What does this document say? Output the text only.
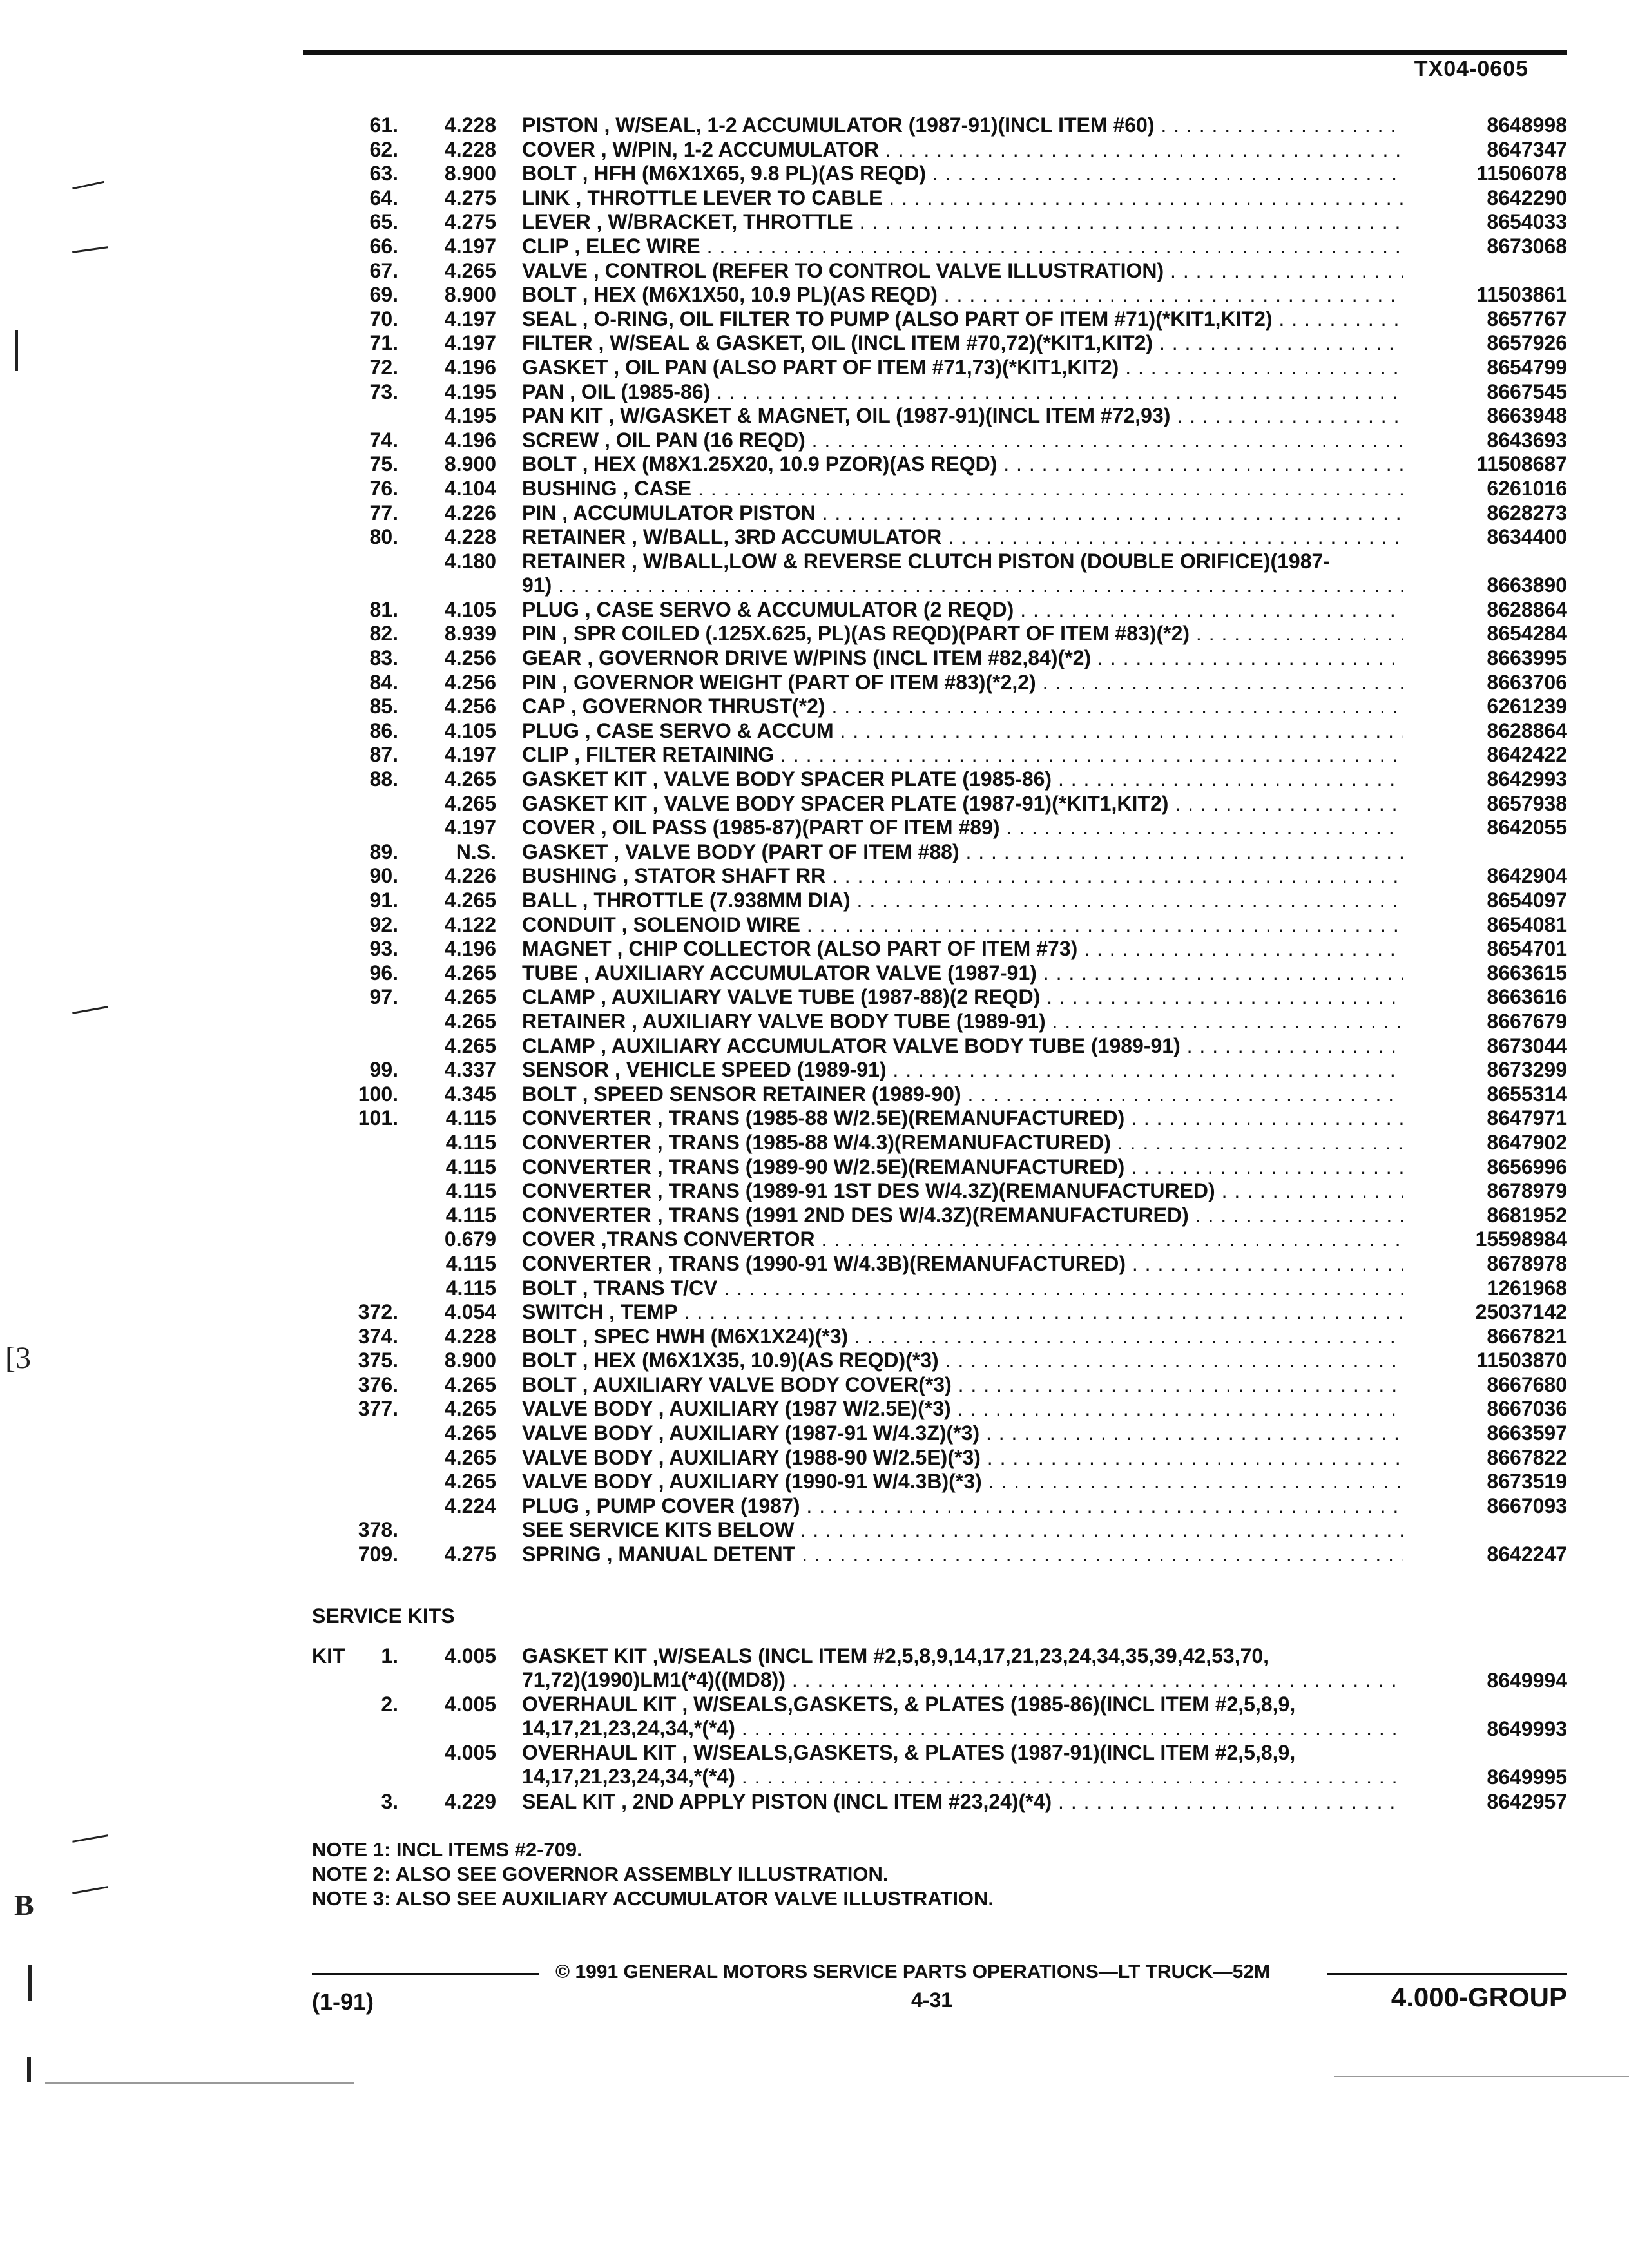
TX04-0605
61. 4.228 PISTON , W/SEAL, 1-2 ACCUMULATOR (1987-91)(INCL ITEM #60) . . .	8648998
62. 4.228 COVER , W/PIN, 1-2 ACCUMULATOR . . .	8647347
63. 8.900 BOLT , HFH (M6X1X65, 9.8 PL)(AS REQD) . . .	11506078
64. 4.275 LINK , THROTTLE LEVER TO CABLE . . .	8642290
65. 4.275 LEVER , W/BRACKET, THROTTLE . . .	8654033
66. 4.197 CLIP , ELEC WIRE . . .	8673068
67. 4.265 VALVE , CONTROL (REFER TO CONTROL VALVE ILLUSTRATION) . . .
69. 8.900 BOLT , HEX (M6X1X50, 10.9 PL)(AS REQD) . . .	11503861
70. 4.197 SEAL , O-RING, OIL FILTER TO PUMP (ALSO PART OF ITEM #71)(*KIT1,KIT2) . . .	8657767
71. 4.197 FILTER , W/SEAL & GASKET, OIL (INCL ITEM #70,72)(*KIT1,KIT2) . . .	8657926
72. 4.196 GASKET , OIL PAN (ALSO PART OF ITEM #71,73)(*KIT1,KIT2) . . .	8654799
73. 4.195 PAN , OIL (1985-86) . . .	8667545
4.195 PAN KIT , W/GASKET & MAGNET, OIL (1987-91)(INCL ITEM #72,93) . . .	8663948
74. 4.196 SCREW , OIL PAN (16 REQD) . . .	8643693
75. 8.900 BOLT , HEX (M8X1.25X20, 10.9 PZOR)(AS REQD) . . .	11508687
76. 4.104 BUSHING , CASE . . .	6261016
77. 4.226 PIN , ACCUMULATOR PISTON . . .	8628273
80. 4.228 RETAINER , W/BALL, 3RD ACCUMULATOR . . .	8634400
4.180 RETAINER , W/BALL,LOW & REVERSE CLUTCH PISTON (DOUBLE ORIFICE)(1987-
91) . . .	8663890
81. 4.105 PLUG , CASE SERVO & ACCUMULATOR (2 REQD) . . .	8628864
82. 8.939 PIN , SPR COILED (.125X.625, PL)(AS REQD)(PART OF ITEM #83)(*2) . . .	8654284
83. 4.256 GEAR , GOVERNOR DRIVE W/PINS (INCL ITEM #82,84)(*2) . . .	8663995
84. 4.256 PIN , GOVERNOR WEIGHT (PART OF ITEM #83)(*2,2) . . .	8663706
85. 4.256 CAP , GOVERNOR THRUST(*2) . . .	6261239
86. 4.105 PLUG , CASE SERVO & ACCUM . . .	8628864
87. 4.197 CLIP , FILTER RETAINING . . .	8642422
88. 4.265 GASKET KIT , VALVE BODY SPACER PLATE (1985-86) . . .	8642993
4.265 GASKET KIT , VALVE BODY SPACER PLATE (1987-91)(*KIT1,KIT2) . . .	8657938
4.197 COVER , OIL PASS (1985-87)(PART OF ITEM #89) . . .	8642055
89.	N.S. GASKET , VALVE BODY (PART OF ITEM #88) . . .
90. 4.226 BUSHING , STATOR SHAFT RR . . .	8642904
91. 4.265 BALL , THROTTLE (7.938MM DIA) . . .	8654097
92. 4.122 CONDUIT , SOLENOID WIRE . . .	8654081
93. 4.196 MAGNET , CHIP COLLECTOR (ALSO PART OF ITEM #73) . . .	8654701
96. 4.265 TUBE , AUXILIARY ACCUMULATOR VALVE (1987-91) . . .	8663615
97. 4.265 CLAMP , AUXILIARY VALVE TUBE (1987-88)(2 REQD) . . .	8663616
4.265 RETAINER , AUXILIARY VALVE BODY TUBE (1989-91) . . .	8667679
4.265 CLAMP , AUXILIARY ACCUMULATOR VALVE BODY TUBE (1989-91) . . .	8673044
99. 4.337 SENSOR , VEHICLE SPEED (1989-91) . . .	8673299
100. 4.345 BOLT , SPEED SENSOR RETAINER (1989-90) . . .	8655314
101. 4.115 CONVERTER , TRANS (1985-88 W/2.5E)(REMANUFACTURED) . . .	8647971
4.115 CONVERTER , TRANS (1985-88 W/4.3)(REMANUFACTURED) . . .	8647902
4.115 CONVERTER , TRANS (1989-90 W/2.5E)(REMANUFACTURED) . . .	8656996
4.115 CONVERTER , TRANS (1989-91 1ST DES W/4.3Z)(REMANUFACTURED) . . .	8678979
4.115 CONVERTER , TRANS (1991 2ND DES W/4.3Z)(REMANUFACTURED) . . .	8681952
0.679 COVER ,TRANS CONVERTOR . . .	15598984
4.115 CONVERTER , TRANS (1990-91 W/4.3B)(REMANUFACTURED) . . .	8678978
4.115 BOLT , TRANS T/CV . . .	1261968
372. 4.054 SWITCH , TEMP . . .	25037142
374. 4.228 BOLT , SPEC HWH (M6X1X24)(*3) . . .	8667821
375. 8.900 BOLT , HEX (M6X1X35, 10.9)(AS REQD)(*3) . . .	11503870
376. 4.265 BOLT , AUXILIARY VALVE BODY COVER(*3) . . .	8667680
377. 4.265 VALVE BODY , AUXILIARY (1987 W/2.5E)(*3) . . .	8667036
4.265 VALVE BODY , AUXILIARY (1987-91 W/4.3Z)(*3) . . .	8663597
4.265 VALVE BODY , AUXILIARY (1988-90 W/2.5E)(*3) . . .	8667822
4.265 VALVE BODY , AUXILIARY (1990-91 W/4.3B)(*3) . . .	8673519
4.224 PLUG , PUMP COVER (1987) . . .	8667093
378.	SEE SERVICE KITS BELOW . . .
709. 4.275 SPRING , MANUAL DETENT . . .	8642247
SERVICE KITS
KIT 1. 4.005 GASKET KIT ,W/SEALS (INCL ITEM #2,5,8,9,14,17,21,23,24,34,35,39,42,53,70,
71,72)(1990)LM1(*4)((MD8)) . . .	8649994
2. 4.005 OVERHAUL KIT , W/SEALS,GASKETS, & PLATES (1985-86)(INCL ITEM #2,5,8,9,
14,17,21,23,24,34,*(*4) . . .	8649993
4.005 OVERHAUL KIT , W/SEALS,GASKETS, & PLATES (1987-91)(INCL ITEM #2,5,8,9,
14,17,21,23,24,34,*(*4) . . .	8649995
3. 4.229 SEAL KIT , 2ND APPLY PISTON (INCL ITEM #23,24)(*4) . . .	8642957
NOTE 1: INCL ITEMS #2-709.
NOTE 2: ALSO SEE GOVERNOR ASSEMBLY ILLUSTRATION.
NOTE 3: ALSO SEE AUXILIARY ACCUMULATOR VALVE ILLUSTRATION.
© 1991 GENERAL MOTORS SERVICE PARTS OPERATIONS—LT TRUCK—52M
(1-91)	4-31	4.000-GROUP
[3
B
